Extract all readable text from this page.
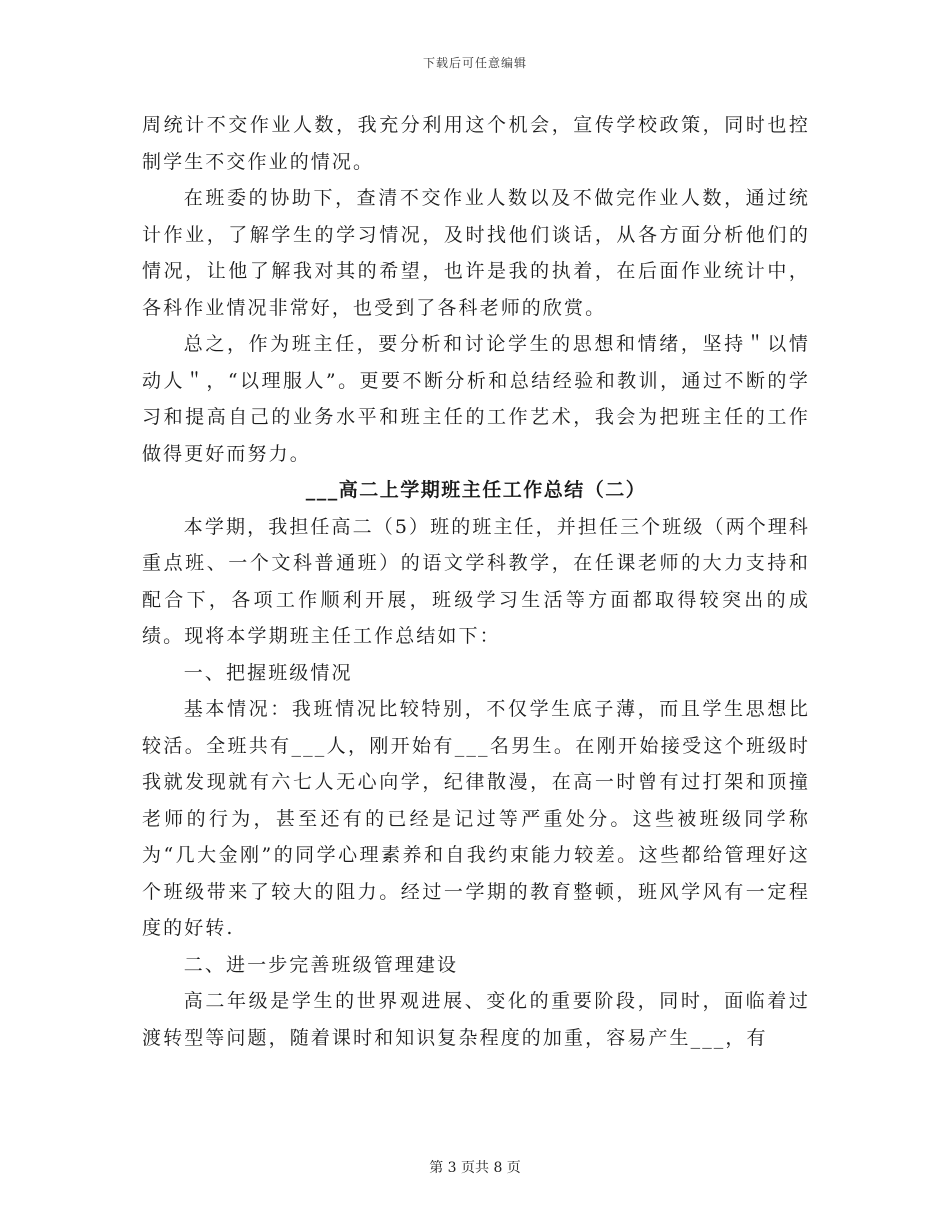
下载后可任意编辑

周统计不交作业人数，我充分利用这个机会，宣传学校政策，同时也控制学生不交作业的情况。

在班委的协助下，查清不交作业人数以及不做完作业人数，通过统计作业，了解学生的学习情况，及时找他们谈话，从各方面分析他们的情况，让他了解我对其的希望，也许是我的执着，在后面作业统计中，各科作业情况非常好，也受到了各科老师的欣赏。

总之，作为班主任，要分析和讨论学生的思想和情绪，坚持＂以情动人＂，“以理服人”。更要不断分析和总结经验和教训，通过不断的学习和提高自己的业务水平和班主任的工作艺术，我会为把班主任的工作做得更好而努力。

___高二上学期班主任工作总结（二）

本学期，我担任高二（5）班的班主任，并担任三个班级（两个理科重点班、一个文科普通班）的语文学科教学，在任课老师的大力支持和配合下，各项工作顺利开展，班级学习生活等方面都取得较突出的成绩。现将本学期班主任工作总结如下：

一、把握班级情况

基本情况：我班情况比较特别，不仅学生底子薄，而且学生思想比较活。全班共有___人，刚开始有___名男生。在刚开始接受这个班级时我就发现就有六七人无心向学，纪律散漫，在高一时曾有过打架和顶撞老师的行为，甚至还有的已经是记过等严重处分。这些被班级同学称为“几大金刚”的同学心理素养和自我约束能力较差。这些都给管理好这个班级带来了较大的阻力。经过一学期的教育整顿，班风学风有一定程度的好转.

二、进一步完善班级管理建设

高二年级是学生的世界观进展、变化的重要阶段，同时，面临着过渡转型等问题，随着课时和知识复杂程度的加重，容易产生___，有

第 3 页共 8 页
